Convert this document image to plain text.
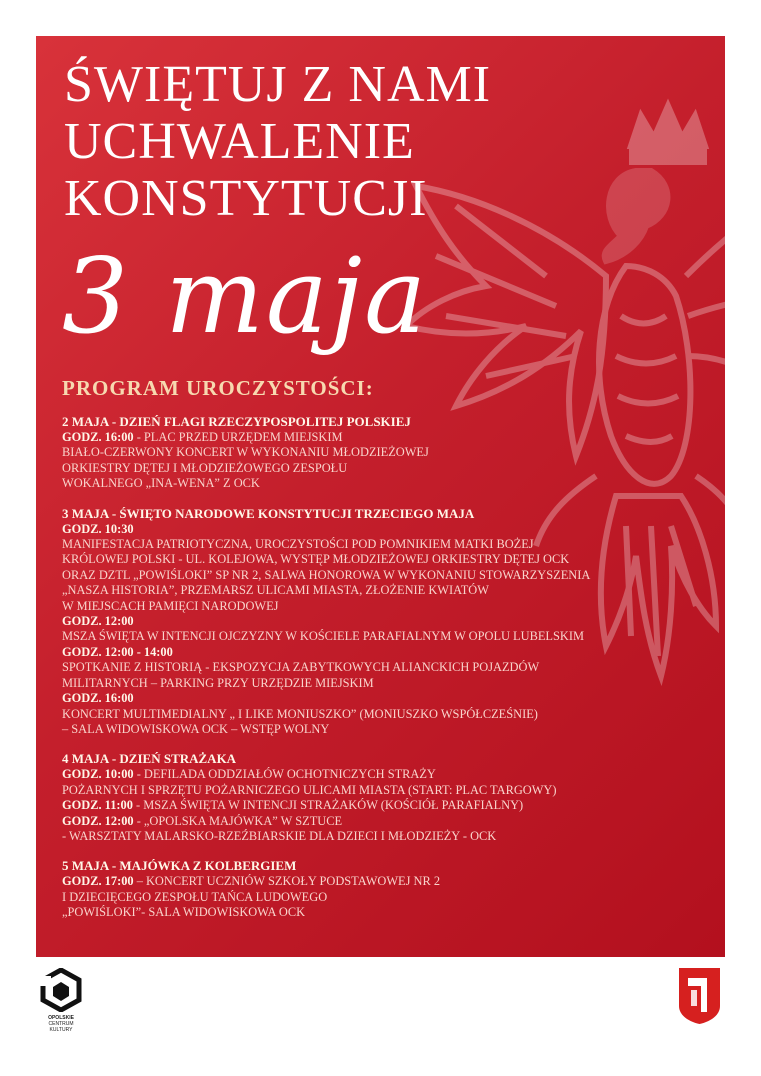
ŚWIĘTUJ Z NAMI
UCHWALENIE
KONSTYTUCJI
3 maja
PROGRAM UROCZYSTOŚCI:
2 MAJA - DZIEŃ FLAGI RZECZYPOSPOLITEJ POLSKIEJ
GODZ. 16:00 - PLAC PRZED URZĘDEM MIEJSKIM
BIAŁO-CZERWONY KONCERT W WYKONANIU MŁODZIEŻOWEJ
ORKIESTRY DĘTEJ I MŁODZIEŻOWEGO ZESPOŁU
WOKALNEGO „INA-WENA” Z OCK
3 MAJA - ŚWIĘTO NARODOWE KONSTYTUCJI TRZECIEGO MAJA
GODZ. 10:30
MANIFESTACJA PATRIOTYCZNA, UROCZYSTOŚCI POD POMNIKIEM MATKI BOŻEJ
KRÓLOWEJ POLSKI - UL. KOLEJOWA, WYSTĘP MŁODZIEŻOWEJ ORKIESTRY DĘTEJ OCK
ORAZ DZTL „POWIŚLOKI” SP NR 2, SALWA HONOROWA W WYKONANIU STOWARZYSZENIA
„NASZA HISTORIA”, PRZEMARSZ ULICAMI MIASTA, ZŁOŻENIE KWIATÓW
W MIEJSCACH PAMIĘCI NARODOWEJ
GODZ. 12:00
MSZA ŚWIĘTA W INTENCJI OJCZYZNY W KOŚCIELE PARAFIALNYM W OPOLU LUBELSKIM
GODZ. 12:00 - 14:00
SPOTKANIE Z HISTORIĄ - EKSPOZYCJA ZABYTKOWYCH ALIANCKICH POJAZDÓW
MILITARNYCH – PARKING PRZY URZĘDZIE MIEJSKIM
GODZ. 16:00
KONCERT MULTIMEDIALNY „ I LIKE MONIUSZKO” (MONIUSZKO WSPÓŁCZEŚNIE)
– SALA WIDOWISKOWA OCK – WSTĘP WOLNY
4 MAJA - DZIEŃ STRAŻAKA
GODZ. 10:00 - DEFILADA ODDZIAŁÓW OCHOTNICZYCH STRAŻY
POŻARNYCH I SPRZĘTU POŻARNICZEGO ULICAMI MIASTA (START: PLAC TARGOWY)
GODZ. 11:00 - MSZA ŚWIĘTA W INTENCJI STRAŻAKÓW (KOŚCIÓŁ PARAFIALNY)
GODZ. 12:00 - „OPOLSKA MAJÓWKA” W SZTUCE
- WARSZTATY MALARSKO-RZEŹBIARSKIE DLA DZIECI I MŁODZIEŻY - OCK
5 MAJA - MAJÓWKA Z KOLBERGIEM
GODZ. 17:00 – KONCERT UCZNIÓW SZKOŁY PODSTAWOWEJ NR 2
I DZIECIĘCEGO ZESPOŁU TAŃCA LUDOWEGO
„POWIŚLOKI”- SALA WIDOWISKOWA OCK
OPOLSKIE
CENTRUM
KULTURY
